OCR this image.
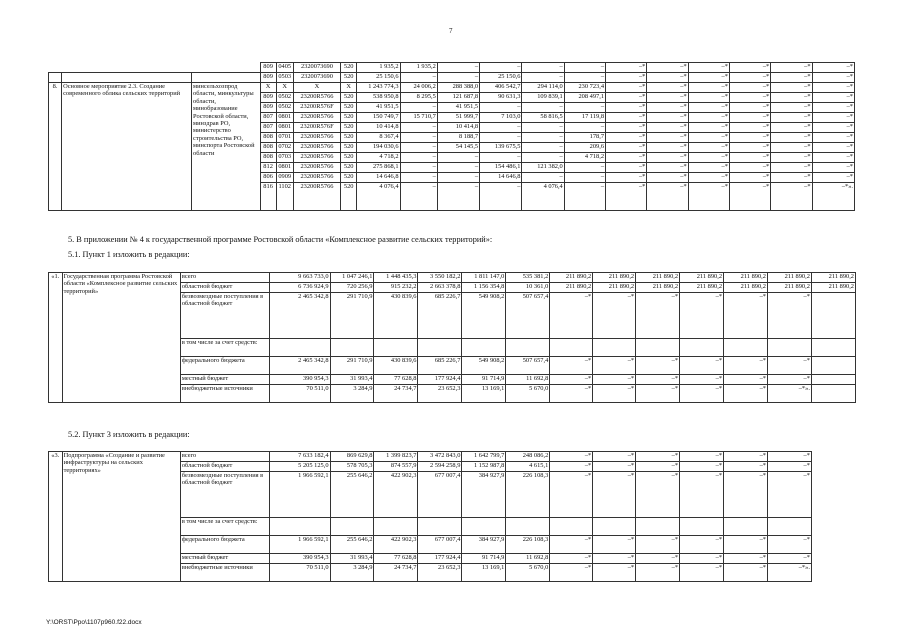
7
			809	0405	2320073690	520	1 935,2	1 935,2	–	–	–	–	–*	–*	–*	–*	–*	–*
			809	0503	2320073690	520	25 150,6	–	–	25 150,6	–	–	–*	–*	–*	–*	–*	–*
8.	Основное мероприятие 2.3. Создание современного облика сельских территорий	минсельхозпрод области, минкультуры области, минобразование Ростовской области, минздрав РО, министерство строительства РО, минспорта Ростовской области	X	X	X	X	1 243 774,3	24 006,2	288 388,0	406 542,7	294 114,0	230 723,4	–*	–*	–*	–*	–*	–*
			809	0502	23200R5766	520	538 950,8	8 295,5	121 687,8	90 631,3	109 839,1	208 497,1	–*	–*	–*	–*	–*	–*
			809	0502	23200R576F	520	41 951,5	–	41 951,5	–	–	–	–*	–*	–*	–*	–*	–*
			807	0801	23200R5766	520	150 749,7	15 710,7	51 999,7	7 103,0	58 816,5	17 119,8	–*	–*	–*	–*	–*	–*
			807	0801	23200R576F	520	10 414,8	–	10 414,8	–	–	–	–*	–*	–*	–*	–*	–*
			808	0701	23200R5766	520	8 367,4	–	8 188,7	–	–	178,7	–*	–*	–*	–*	–*	–*
			808	0702	23200R5766	520	194 030,6	–	54 145,5	139 675,5	–	209,6	–*	–*	–*	–*	–*	–*
			808	0703	23200R5766	520	4 718,2	–	–	–	–	4 718,2	–*	–*	–*	–*	–*	–*
			812	0801	23200R5766	520	275 868,1	–	–	154 486,1	121 382,0	–	–*	–*	–*	–*	–*	–*
			806	0909	23200R5766	520	14 646,8	–	–	14 646,8	–	–	–*	–*	–*	–*	–*	–*
			816	1102	23200R5766	520	4 076,4	–	–	–	4 076,4	–	–*	–*	–*	–*	–*	–*».
5. В приложении № 4 к государственной программе Ростовской области «Комплексное развитие сельских территорий»:
5.1. Пункт 1 изложить в редакции:
«1.	Государственная программа Ростовской области «Комплексное развитие сельских территорий»	всего	9 663 733,0	1 047 246,1	1 448 435,3	3 550 182,2	1 811 147,0	535 381,2	211 890,2	211 890,2	211 890,2	211 890,2	211 890,2	211 890,2	211 890,2
		областной бюджет	6 736 924,9	720 256,9	915 232,2	2 663 378,8	1 156 354,8	10 361,0	211 890,2	211 890,2	211 890,2	211 890,2	211 890,2	211 890,2	211 890,2
		безвозмездные поступления в областной бюджет	2 465 342,8	291 710,9	430 839,6	685 226,7	549 908,2	507 657,4	–*	–*	–*	–*	–*	–*	
		в том числе за счет средств:													
		федерального бюджета	2 465 342,8	291 710,9	430 839,6	685 226,7	549 908,2	507 657,4	–*	–*	–*	–*	–*	–*	
		местный бюджет	390 954,3	31 993,4	77 628,8	177 924,4	91 714,9	11 692,8	–*	–*	–*	–*	–*	–*	
		внебюджетные источники	70 511,0	3 284,9	24 734,7	23 652,3	13 169,1	5 670,0	–*	–*	–*	–*	–*	–*».	
5.2. Пункт 3 изложить в редакции:
«3.	Подпрограмма «Создание и развитие инфраструктуры на сельских территориях»	всего	7 633 182,4	869 629,8	1 399 823,7	3 472 843,0	1 642 799,7	248 086,2	–*	–*	–*	–*	–*	–*
		областной бюджет	5 205 125,0	578 705,3	874 557,9	2 594 258,9	1 152 987,8	4 615,1	–*	–*	–*	–*	–*	–*
		безвозмездные поступления в областной бюджет	1 966 592,1	255 646,2	422 902,3	677 007,4	384 927,9	226 108,3	–*	–*	–*	–*	–*	–*
		в том числе за счет средств:												
		федерального бюджета	1 966 592,1	255 646,2	422 902,3	677 007,4	384 927,9	226 108,3	–*	–*	–*	–*	–*	–*
		местный бюджет	390 954,3	31 993,4	77 628,8	177 924,4	91 714,9	11 692,8	–*	–*	–*	–*	–*	–*
		внебюджетные источники	70 511,0	3 284,9	24 734,7	23 652,3	13 169,1	5 670,0	–*	–*	–*	–*	–*	–*».
Y:\ORST\Ppo\1107p960.f22.docx
